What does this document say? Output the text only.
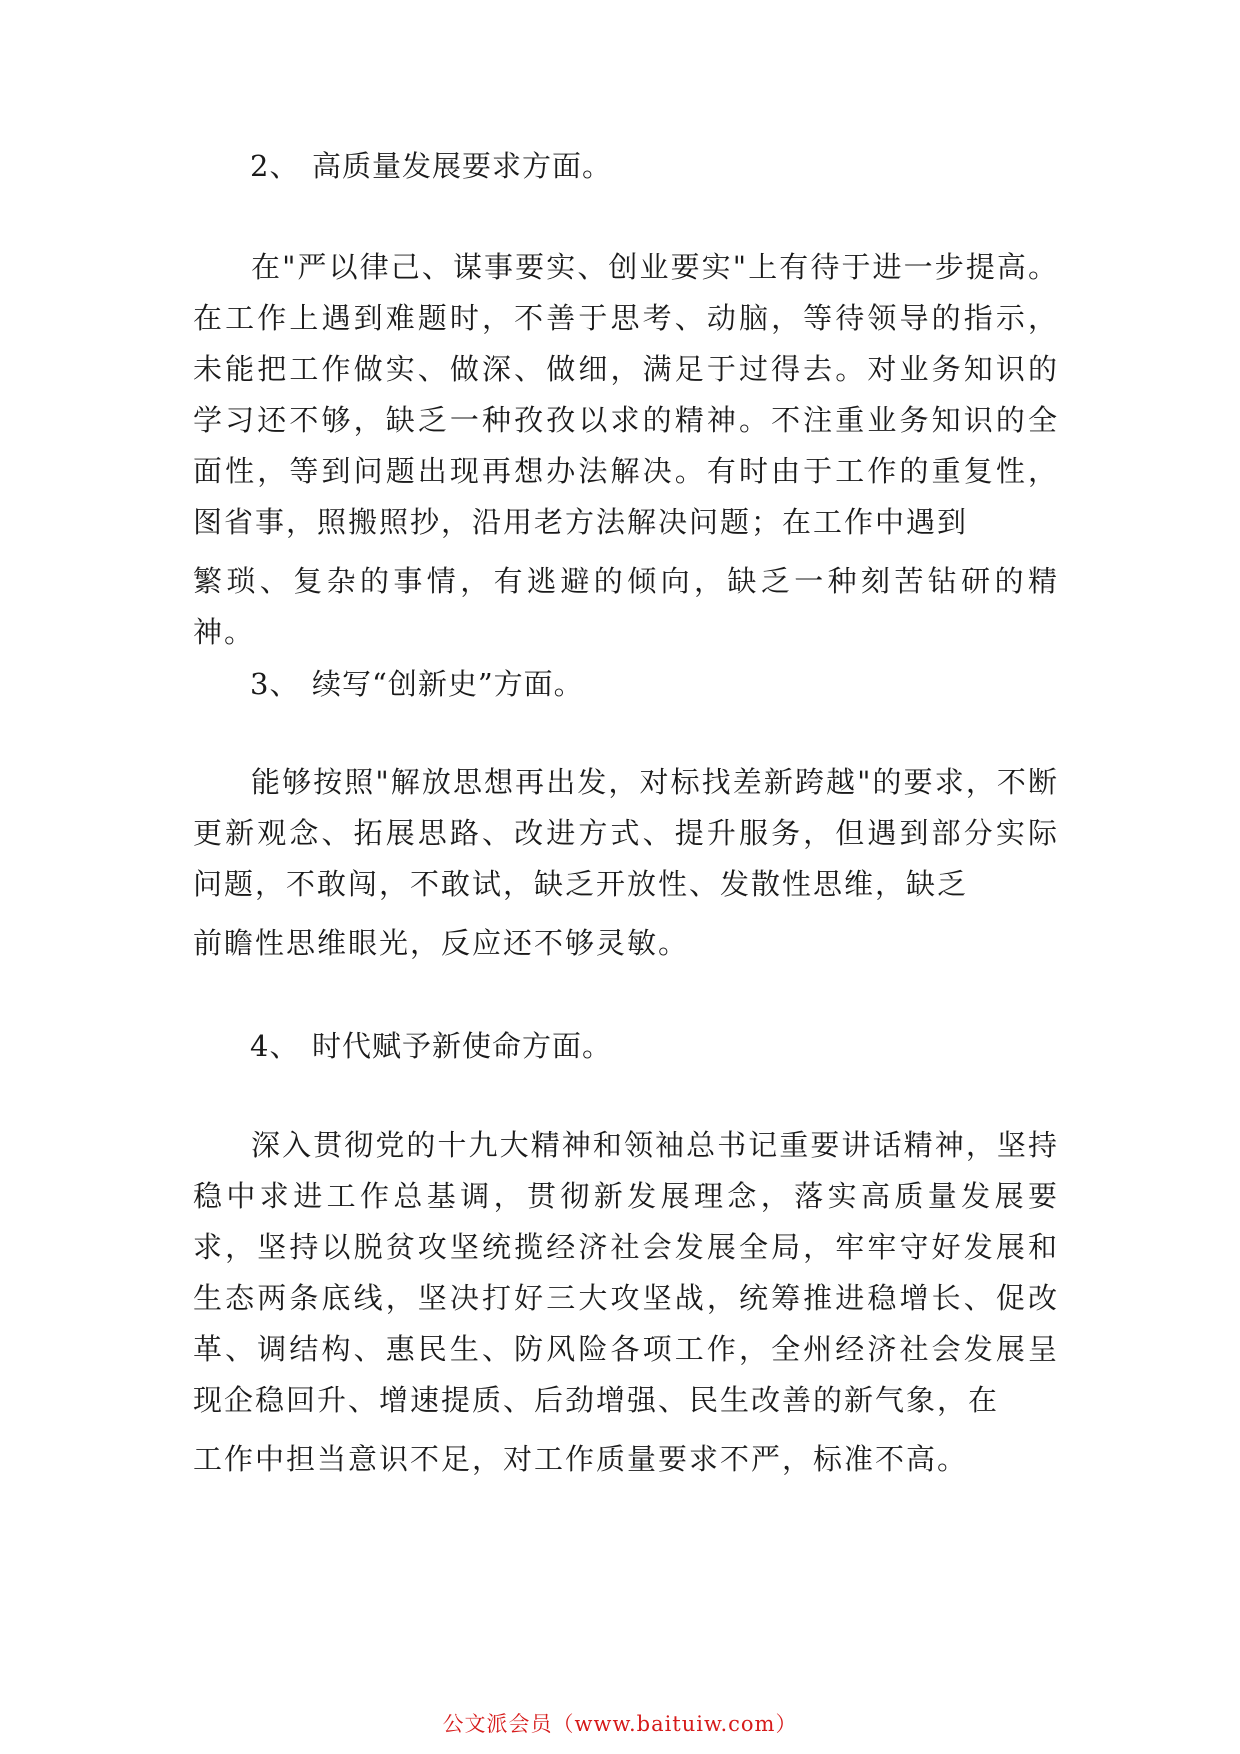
2、 高质量发展要求方面。

在"严以律己、谋事要实、创业要实"上有待于进一步提高。在工作上遇到难题时，不善于思考、动脑，等待领导的指示，未能把工作做实、做深、做细，满足于过得去。对业务知识的学习还不够，缺乏一种孜孜以求的精神。不注重业务知识的全面性，等到问题出现再想办法解决。有时由于工作的重复性，图省事，照搬照抄，沿用老方法解决问题；在工作中遇到
繁琐、复杂的事情，有逃避的倾向，缺乏一种刻苦钻研的精神。

3、 续写“创新史”方面。

能够按照"解放思想再出发，对标找差新跨越"的要求，不断更新观念、拓展思路、改进方式、提升服务，但遇到部分实际问题，不敢闯，不敢试，缺乏开放性、发散性思维，缺乏
前瞻性思维眼光，反应还不够灵敏。

4、 时代赋予新使命方面。

深入贯彻党的十九大精神和领袖总书记重要讲话精神，坚持稳中求进工作总基调，贯彻新发展理念，落实高质量发展要求，坚持以脱贫攻坚统揽经济社会发展全局，牢牢守好发展和生态两条底线，坚决打好三大攻坚战，统筹推进稳增长、促改革、调结构、惠民生、防风险各项工作，全州经济社会发展呈现企稳回升、增速提质、后劲增强、民生改善的新气象，在
工作中担当意识不足，对工作质量要求不严，标准不高。

公文派会员（www.baituiw.com）
